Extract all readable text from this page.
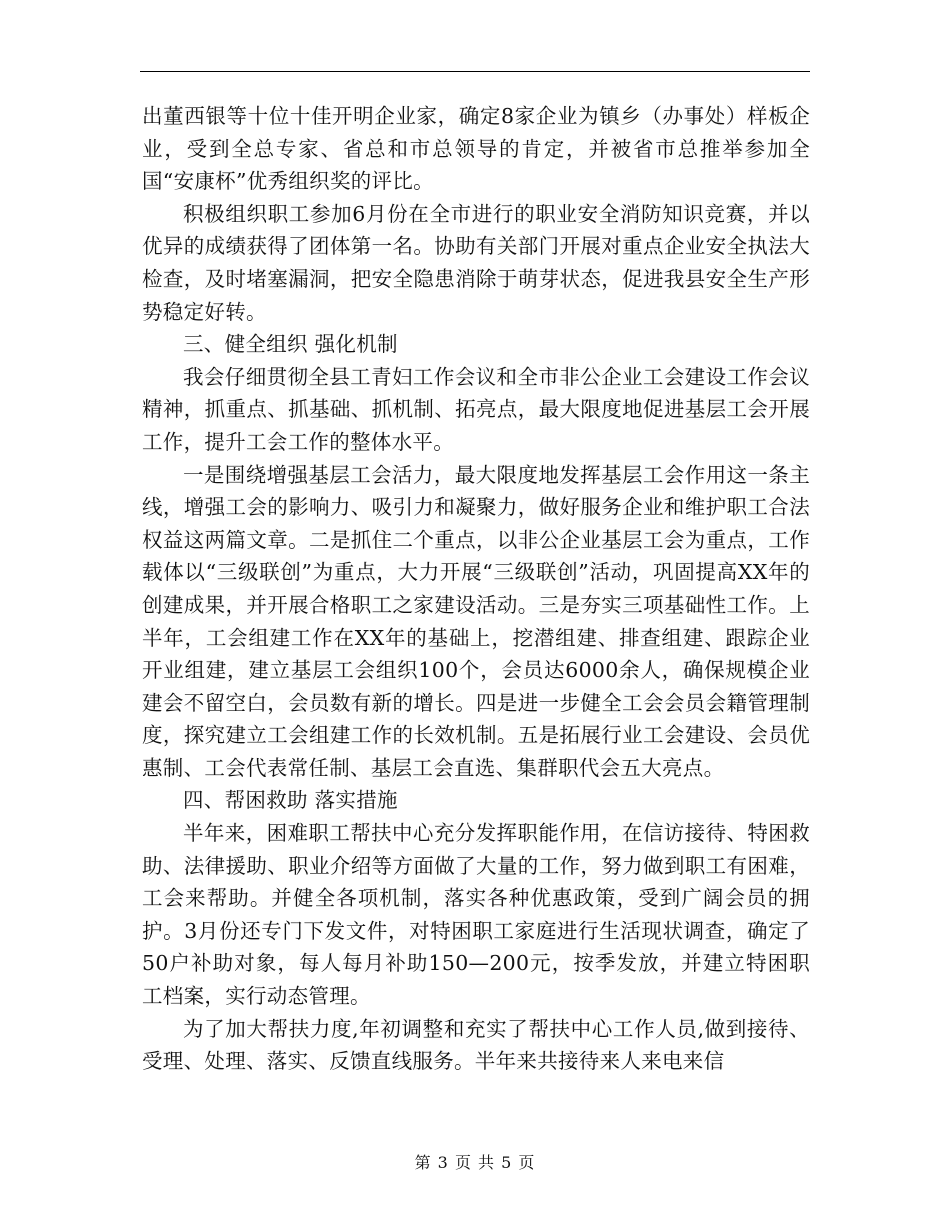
出董西银等十位十佳开明企业家，确定8家企业为镇乡（办事处）样板企业，受到全总专家、省总和市总领导的肯定，并被省市总推举参加全国“安康杯”优秀组织奖的评比。

积极组织职工参加6月份在全市进行的职业安全消防知识竞赛，并以优异的成绩获得了团体第一名。协助有关部门开展对重点企业安全执法大检查，及时堵塞漏洞，把安全隐患消除于萌芽状态，促进我县安全生产形势稳定好转。

三、健全组织 强化机制

我会仔细贯彻全县工青妇工作会议和全市非公企业工会建设工作会议精神，抓重点、抓基础、抓机制、拓亮点，最大限度地促进基层工会开展工作，提升工会工作的整体水平。

一是围绕增强基层工会活力，最大限度地发挥基层工会作用这一条主线，增强工会的影响力、吸引力和凝聚力，做好服务企业和维护职工合法权益这两篇文章。二是抓住二个重点，以非公企业基层工会为重点，工作载体以“三级联创”为重点，大力开展“三级联创”活动，巩固提高XX年的创建成果，并开展合格职工之家建设活动。三是夯实三项基础性工作。上半年，工会组建工作在XX年的基础上，挖潜组建、排查组建、跟踪企业开业组建，建立基层工会组织100个，会员达6000余人，确保规模企业建会不留空白，会员数有新的增长。四是进一步健全工会会员会籍管理制度，探究建立工会组建工作的长效机制。五是拓展行业工会建设、会员优惠制、工会代表常任制、基层工会直选、集群职代会五大亮点。

四、帮困救助 落实措施

半年来，困难职工帮扶中心充分发挥职能作用，在信访接待、特困救助、法律援助、职业介绍等方面做了大量的工作，努力做到职工有困难，工会来帮助。并健全各项机制，落实各种优惠政策，受到广阔会员的拥护。3月份还专门下发文件，对特困职工家庭进行生活现状调查，确定了50户补助对象，每人每月补助150—200元，按季发放，并建立特困职工档案，实行动态管理。

为了加大帮扶力度,年初调整和充实了帮扶中心工作人员,做到接待、受理、处理、落实、反馈直线服务。半年来共接待来人来电来信

第 3 页 共 5 页
